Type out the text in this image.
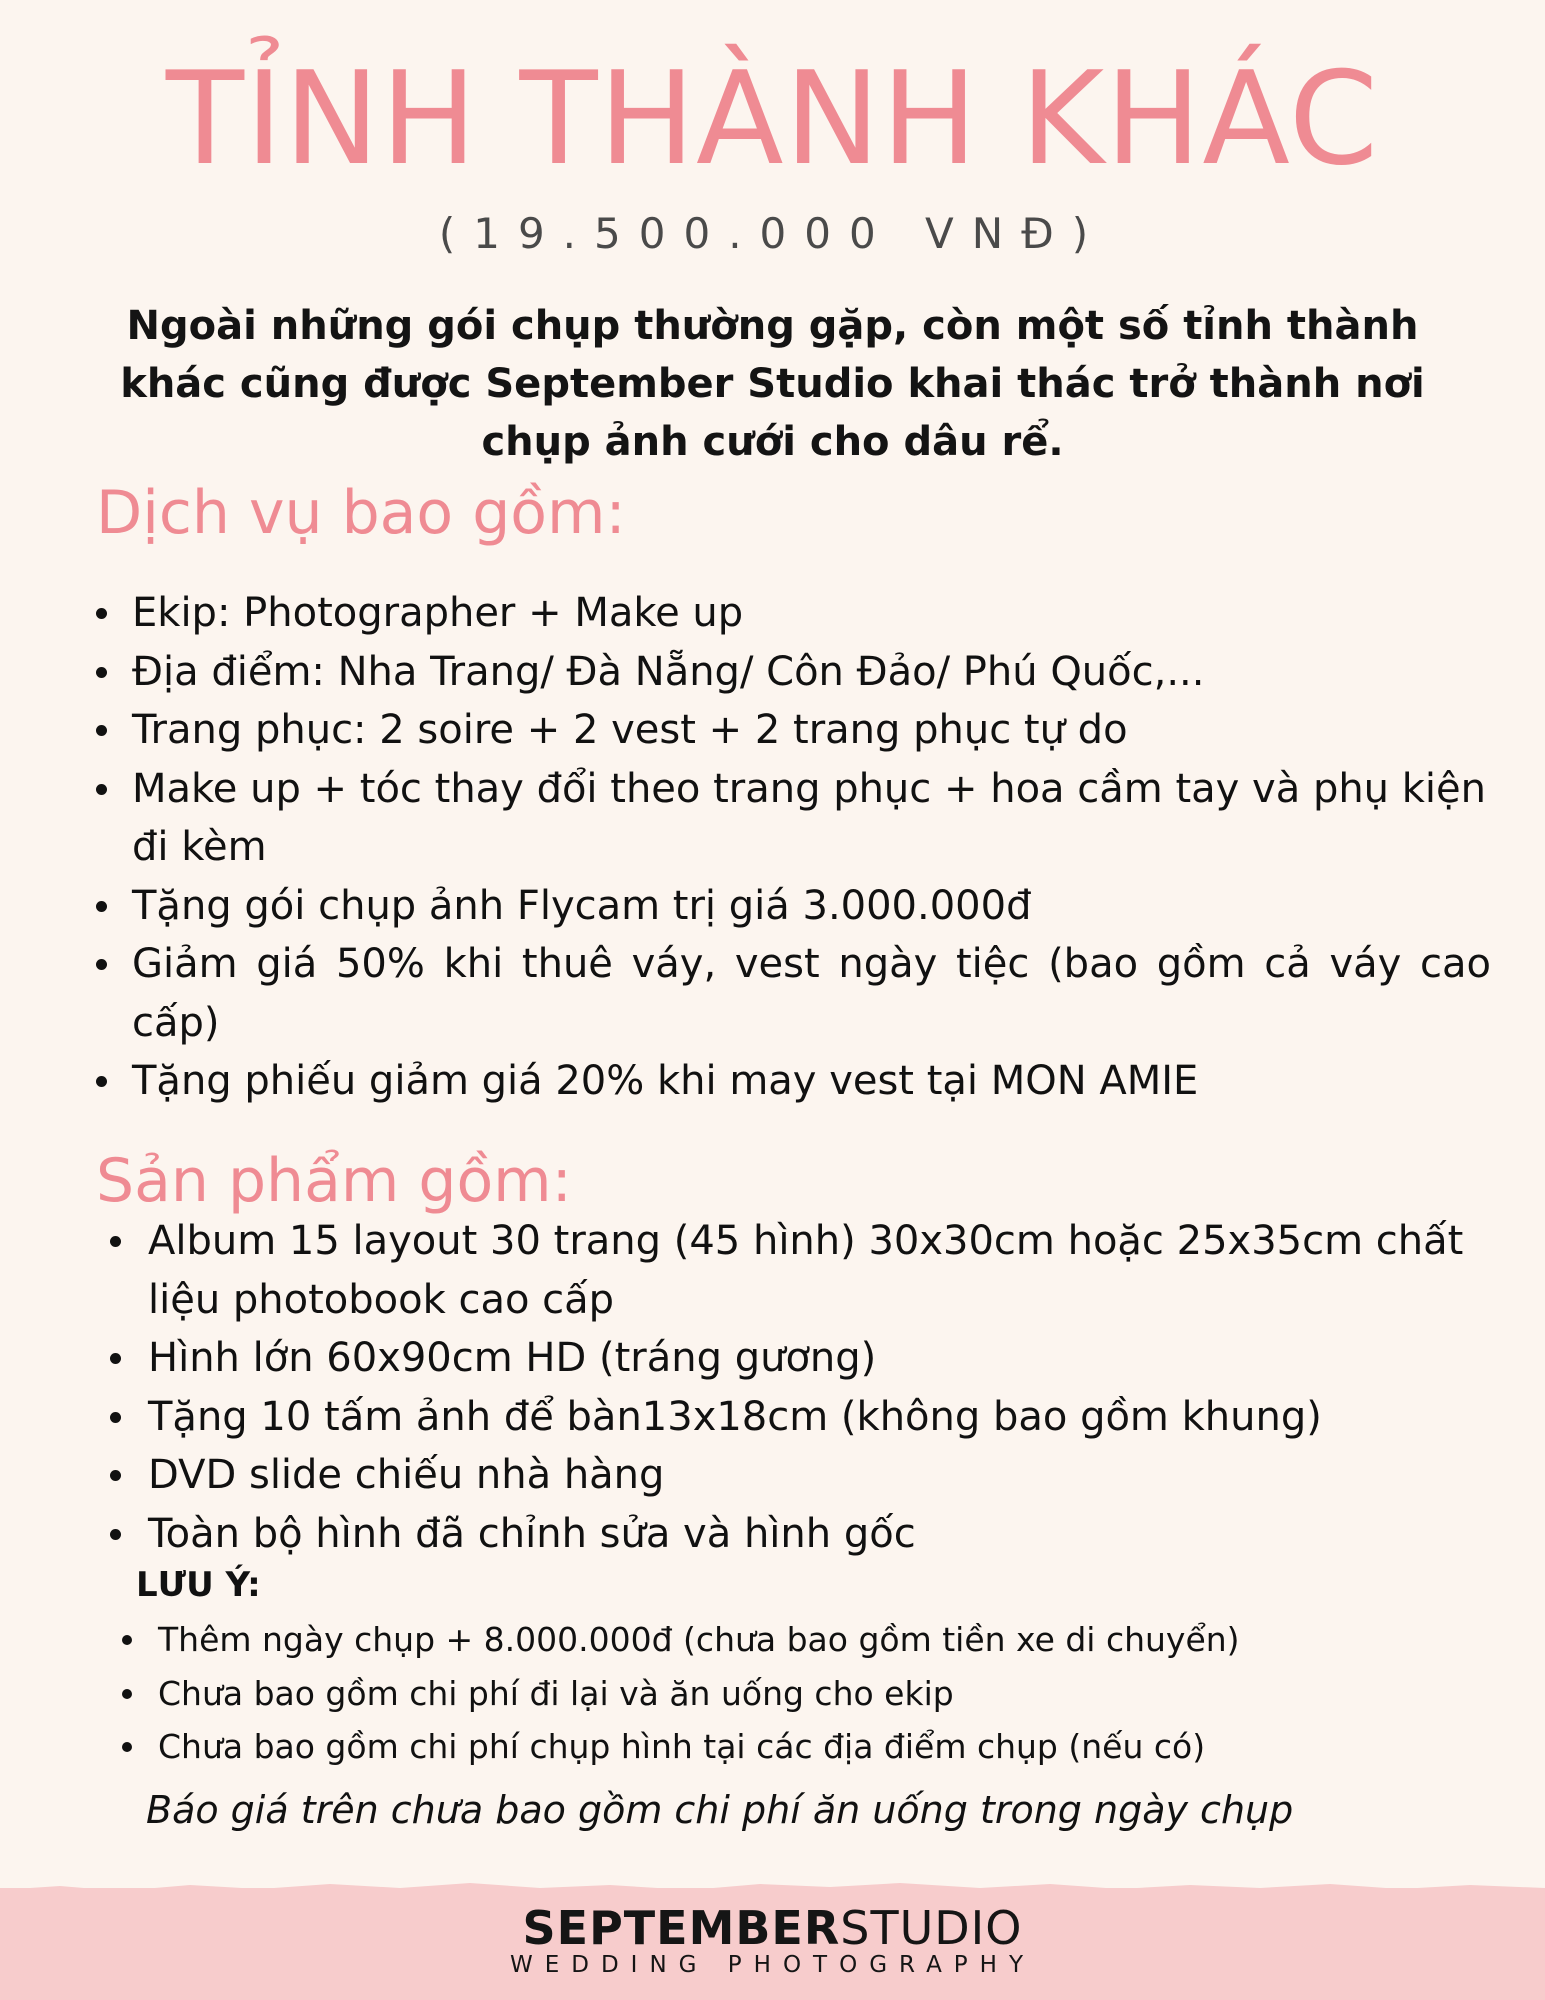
TỈNH THÀNH KHÁC
(19.500.000 VNĐ)
Ngoài những gói chụp thường gặp, còn một số tỉnh thành khác cũng được September Studio khai thác trở thành nơi chụp ảnh cưới cho dâu rể.
Dịch vụ bao gồm:
Ekip: Photographer + Make up
Địa điểm: Nha Trang/ Đà Nẵng/ Côn Đảo/ Phú Quốc,...
Trang phục: 2 soire + 2 vest + 2 trang phục tự do
Make up + tóc thay đổi theo trang phục + hoa cầm tay và phụ kiện đi kèm
Tặng gói chụp ảnh Flycam trị giá 3.000.000đ
Giảm giá 50% khi thuê váy, vest ngày tiệc (bao gồm cả váy cao cấp)
Tặng phiếu giảm giá 20% khi may vest tại MON AMIE
Sản phẩm gồm:
Album 15 layout 30 trang (45 hình) 30x30cm hoặc 25x35cm chất liệu photobook cao cấp
Hình lớn 60x90cm HD (tráng gương)
Tặng 10 tấm ảnh để bàn13x18cm (không bao gồm khung)
DVD slide chiếu nhà hàng
Toàn bộ hình đã chỉnh sửa và hình gốc
LƯU Ý:
Thêm ngày chụp + 8.000.000đ (chưa bao gồm tiền xe di chuyển)
Chưa bao gồm chi phí đi lại và ăn uống cho ekip
Chưa bao gồm chi phí chụp hình tại các địa điểm chụp (nếu có)
Báo giá trên chưa bao gồm chi phí ăn uống trong ngày chụp
SEPTEMBERSTUDIO
WEDDING PHOTOGRAPHY
